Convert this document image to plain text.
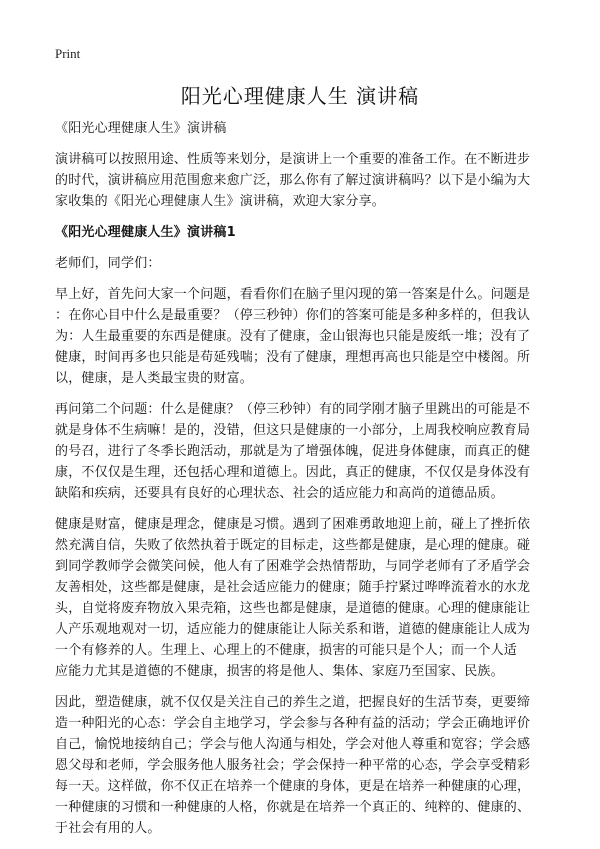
Print
阳光心理健康人生 演讲稿

《阳光心理健康人生》演讲稿

演讲稿可以按照用途、性质等来划分，是演讲上一个重要的准备工作。在不断进步
的时代，演讲稿应用范围愈来愈广泛，那么你有了解过演讲稿吗？以下是小编为大
家收集的《阳光心理健康人生》演讲稿，欢迎大家分享。

《阳光心理健康人生》演讲稿1

老师们，同学们：

早上好，首先问大家一个问题，看看你们在脑子里闪现的第一答案是什么。问题是
：在你心目中什么是最重要？（停三秒钟）你们的答案可能是多种多样的，但我认
为：人生最重要的东西是健康。没有了健康，金山银海也只能是废纸一堆；没有了
健康，时间再多也只能是苟延残喘；没有了健康，理想再高也只能是空中楼阁。所
以，健康，是人类最宝贵的财富。

再问第二个问题：什么是健康？（停三秒钟）有的同学刚才脑子里跳出的可能是不
就是身体不生病嘛！是的，没错，但这只是健康的一小部分，上周我校响应教育局
的号召，进行了冬季长跑活动，那就是为了增强体魄，促进身体健康，而真正的健
康，不仅仅是生理，还包括心理和道德上。因此，真正的健康，不仅仅是身体没有
缺陷和疾病，还要具有良好的心理状态、社会的适应能力和高尚的道德品质。

健康是财富，健康是理念，健康是习惯。遇到了困难勇敢地迎上前，碰上了挫折依
然充满自信，失败了依然执着于既定的目标走，这些都是健康，是心理的健康。碰
到同学教师学会微笑问候，他人有了困难学会热情帮助，与同学老师有了矛盾学会
友善相处，这些都是健康，是社会适应能力的健康；随手拧紧过哗哗流着水的水龙
头，自觉将废弃物放入果壳箱，这些也都是健康，是道德的健康。心理的健康能让
人产乐观地观对一切，适应能力的健康能让人际关系和谐，道德的健康能让人成为
一个有修养的人。生理上、心理上的不健康，损害的可能只是个人；而一个人适
应能力尤其是道德的不健康，损害的将是他人、集体、家庭乃至国家、民族。

因此，塑造健康，就不仅仅是关注自己的养生之道，把握良好的生活节奏，更要缔
造一种阳光的心态：学会自主地学习，学会参与各种有益的活动；学会正确地评价
自己，愉悦地接纳自己；学会与他人沟通与相处，学会对他人尊重和宽容；学会感
恩父母和老师，学会服务他人服务社会；学会保持一种平常的心态，学会享受精彩
每一天。这样做，你不仅正在培养一个健康的身体，更是在培养一种健康的心理，
一种健康的习惯和一种健康的人格，你就是在培养一个真正的、纯粹的、健康的、
于社会有用的人。
